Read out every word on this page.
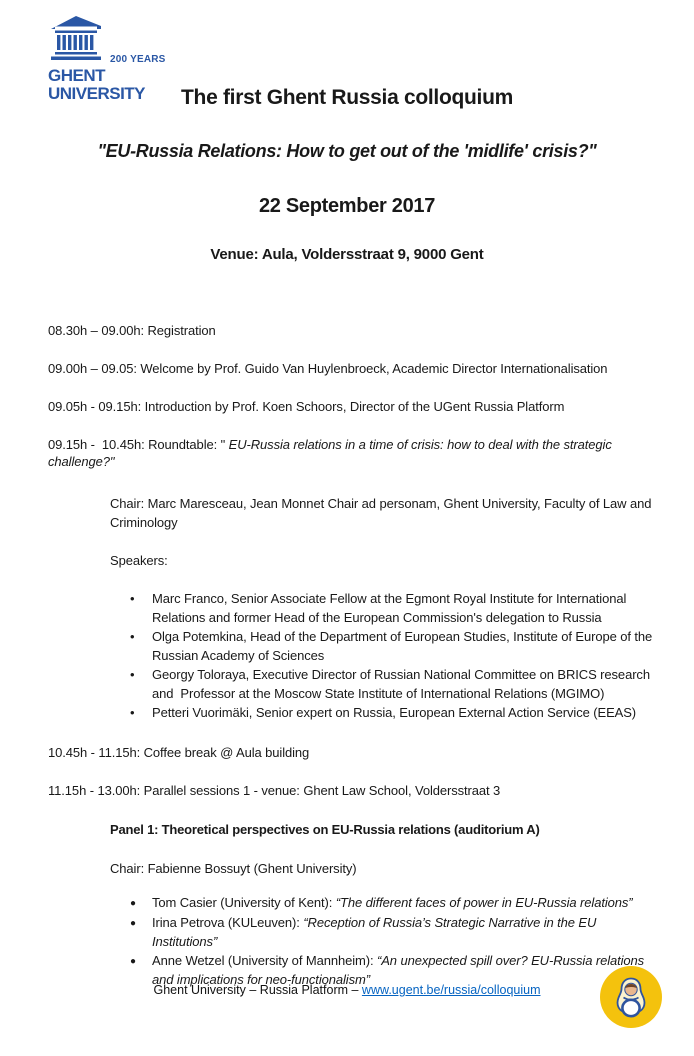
200 YEARS
GHENT
UNIVERSITY	The first Ghent Russia colloquium
"EU-Russia Relations: How to get out of the 'midlife' crisis?"
22 September 2017
Venue: Aula, Voldersstraat 9, 9000 Gent

08.30h – 09.00h: Registration

09.00h – 09.05: Welcome by Prof. Guido Van Huylenbroeck, Academic Director Internationalisation

09.05h - 09.15h: Introduction by Prof. Koen Schoors, Director of the UGent Russia Platform

09.15h -  10.45h: Roundtable: " EU-Russia relations in a time of crisis: how to deal with the strategic challenge?"

Chair: Marc Maresceau, Jean Monnet Chair ad personam, Ghent University, Faculty of Law and Criminology

Speakers:

•	Marc Franco, Senior Associate Fellow at the Egmont Royal Institute for International Relations and former Head of the European Commission's delegation to Russia
•	Olga Potemkina, Head of the Department of European Studies, Institute of Europe of the Russian Academy of Sciences
•	Georgy Toloraya, Executive Director of Russian National Committee on BRICS research and  Professor at the Moscow State Institute of International Relations (MGIMO)
•	Petteri Vuorimäki, Senior expert on Russia, European External Action Service (EEAS)

10.45h - 11.15h: Coffee break @ Aula building

11.15h - 13.00h: Parallel sessions 1 - venue: Ghent Law School, Voldersstraat 3

Panel 1: Theoretical perspectives on EU-Russia relations (auditorium A)

Chair: Fabienne Bossuyt (Ghent University)

●	Tom Casier (University of Kent): “The different faces of power in EU-Russia relations”
●	Irina Petrova (KULeuven): “Reception of Russia’s Strategic Narrative in the EU Institutions”
●	Anne Wetzel (University of Mannheim): “An unexpected spill over? EU-Russia relations and implications for neo-functionalism”
Ghent University – Russia Platform – www.ugent.be/russia/colloquium
